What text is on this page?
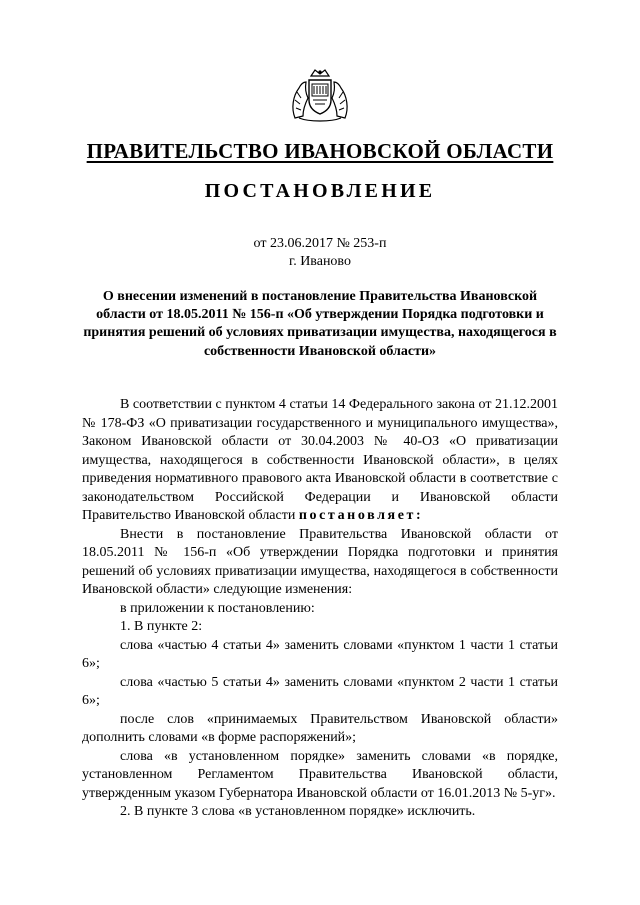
ПРАВИТЕЛЬСТВО ИВАНОВСКОЙ ОБЛАСТИ
ПОСТАНОВЛЕНИЕ
от 23.06.2017 № 253-п
г. Иваново
О внесении изменений в постановление Правительства Ивановской области от 18.05.2011 № 156-п «Об утверждении Порядка подготовки и принятия решений об условиях приватизации имущества, находящегося в собственности Ивановской области»

В соответствии с пунктом 4 статьи 14 Федерального закона от 21.12.2001 № 178-ФЗ «О приватизации государственного и муниципального имущества», Законом Ивановской области от 30.04.2003 № 40-ОЗ «О приватизации имущества, находящегося в собственности Ивановской области», в целях приведения нормативного правового акта Ивановской области в соответствие с законодательством Российской Федерации и Ивановской области Правительство Ивановской области постановляет:

Внести в постановление Правительства Ивановской области от 18.05.2011 № 156-п «Об утверждении Порядка подготовки и принятия решений об условиях приватизации имущества, находящегося в собственности Ивановской области» следующие изменения:

в приложении к постановлению:

1. В пункте 2:

слова «частью 4 статьи 4» заменить словами «пунктом 1 части 1 статьи 6»;

слова «частью 5 статьи 4» заменить словами «пунктом 2 части 1 статьи 6»;

после слов «принимаемых Правительством Ивановской области» дополнить словами «в форме распоряжений»;

слова «в установленном порядке» заменить словами «в порядке, установленном Регламентом Правительства Ивановской области, утвержденным указом Губернатора Ивановской области от 16.01.2013 № 5-уг».

2. В пункте 3 слова «в установленном порядке» исключить.
